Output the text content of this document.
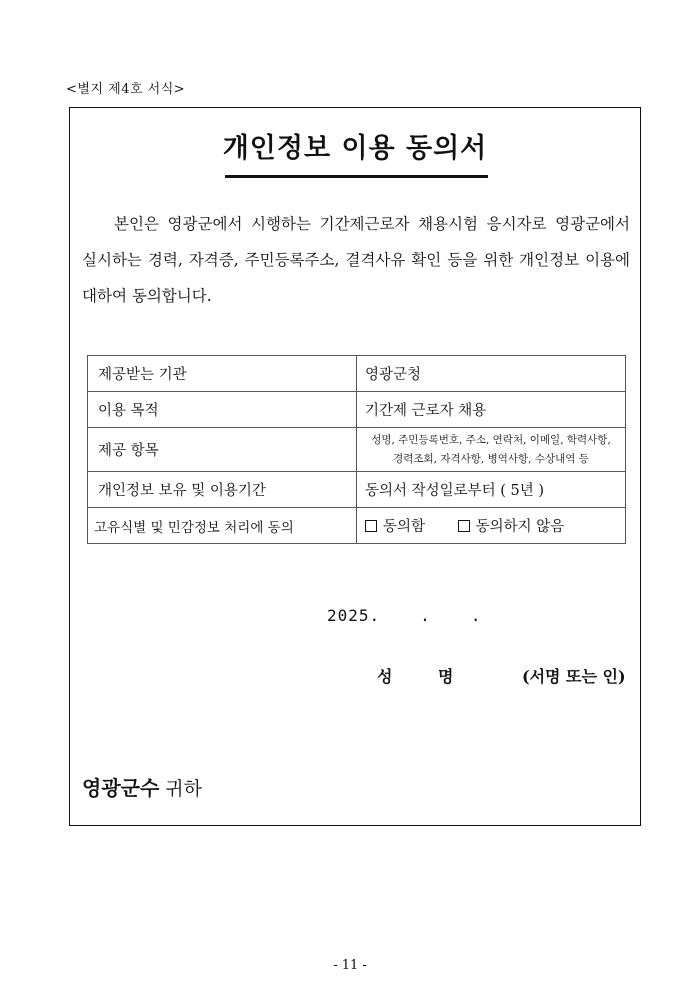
<별지 제4호 서식>
개인정보 이용 동의서
본인은 영광군에서 시행하는 기간제근로자 채용시험 응시자로 영광군에서 실시하는 경력, 자격증, 주민등록주소, 결격사유 확인 등을 위한 개인정보 이용에 대하여 동의합니다.
제공받는 기관	영광군청
이용 목적	기간제 근로자 채용
제공 항목	성명, 주민등록번호, 주소, 연락처, 이메일, 학력사항,
경력조회, 자격사항, 병역사항, 수상내역 등

개인정보 보유 및 이용기간	동의서 작성일로부터 ( 5년 )
고유식별 및 민감정보 처리에 동의	동의함 동의하지 않음
2025.	.	.
성 명	(서명 또는 인)
영광군수 귀하
- 11 -
